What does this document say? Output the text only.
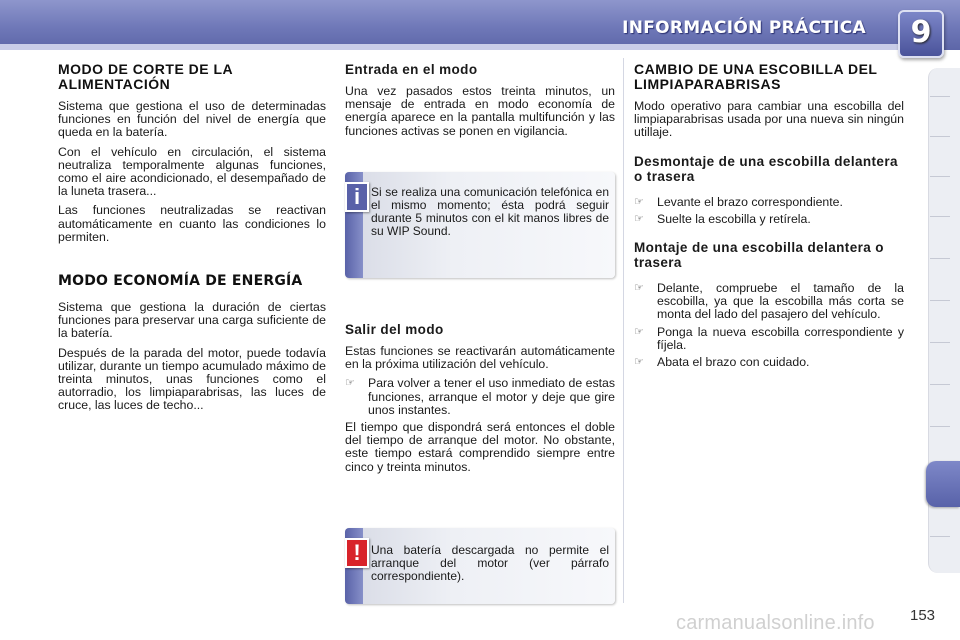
INFORMACIÓN PRÁCTICA	9
MODO DE CORTE DE LA ALIMENTACIÓN

Sistema que gestiona el uso de determinadas funciones en función del nivel de energía que queda en la batería.

Con el vehículo en circulación, el sistema neutraliza temporalmente algunas funciones, como el aire acondicionado, el desempañado de la luneta trasera...

Las funciones neutralizadas se reactivan automáticamente en cuanto las condiciones lo permiten.

MODO ECONOMÍA DE ENERGÍA

Sistema que gestiona la duración de ciertas funciones para preservar una carga suficiente de la batería.

Después de la parada del motor, puede todavía utilizar, durante un tiempo acumulado máximo de treinta minutos, unas funciones como el autorradio, los limpiaparabrisas, las luces de cruce, las luces de techo...

Entrada en el modo

Una vez pasados estos treinta minutos, un mensaje de entrada en modo economía de energía aparece en la pantalla multifunción y las funciones activas se ponen en vigilancia.

i Si se realiza una comunicación telefónica en el mismo momento; ésta podrá seguir durante 5 minutos con el kit manos libres de su WIP Sound.
Salir del modo

Estas funciones se reactivarán automáticamente en la próxima utilización del vehículo.

☞ Para volver a tener el uso inmediato de estas funciones, arranque el motor y deje que gire unos instantes.

El tiempo que dispondrá será entonces el doble del tiempo de arranque del motor. No obstante, este tiempo estará comprendido siempre entre cinco y treinta minutos.

! Una batería descargada no permite el arranque del motor (ver párrafo correspondiente).
CAMBIO DE UNA ESCOBILLA DEL LIMPIAPARABRISAS

Modo operativo para cambiar una escobilla del limpiaparabrisas usada por una nueva sin ningún utillaje.

Desmontaje de una escobilla delantera o trasera
☞ Levante el brazo correspondiente.
☞ Suelte la escobilla y retírela.
Montaje de una escobilla delantera o trasera
☞ Delante, compruebe el tamaño de la escobilla, ya que la escobilla más corta se monta del lado del pasajero del vehículo.
☞ Ponga la nueva escobilla correspondiente y fíjela.
☞ Abata el brazo con cuidado.
carmanualsonline.info 153
